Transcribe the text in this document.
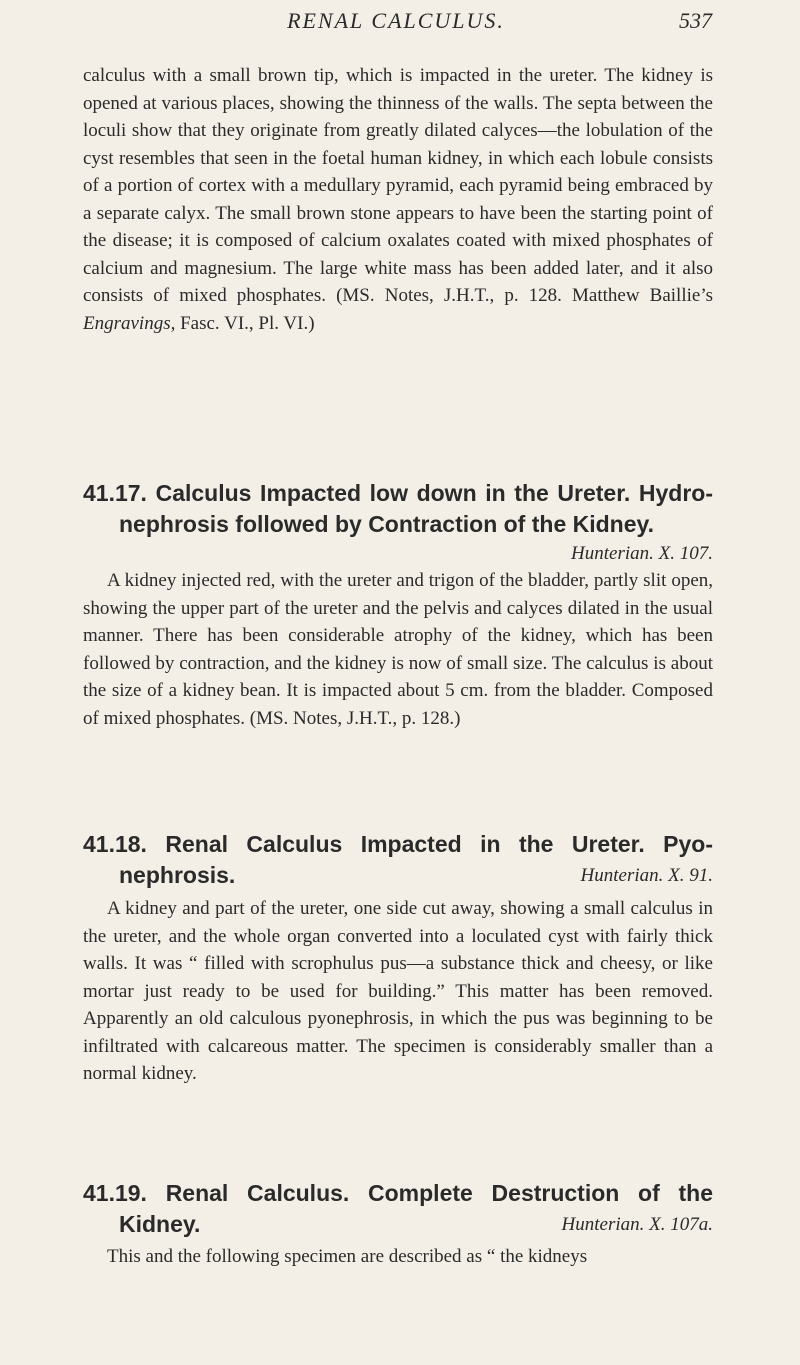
RENAL CALCULUS.	537

calculus with a small brown tip, which is impacted in the ureter. The kidney is opened at various places, showing the thinness of the walls. The septa between the loculi show that they originate from greatly dilated calyces—the lobulation of the cyst resembles that seen in the foetal human kidney, in which each lobule consists of a portion of cortex with a medullary pyramid, each pyramid being embraced by a separate calyx. The small brown stone appears to have been the starting point of the disease; it is composed of calcium oxalates coated with mixed phosphates of calcium and magnesium. The large white mass has been added later, and it also consists of mixed phosphates. (MS. Notes, J.H.T., p. 128. Matthew Baillie’s Engravings, Fasc. VI., Pl. VI.)

41.17. Calculus Impacted low down in the Ureter. Hydro-
nephrosis followed by Contraction of the Kidney.
Hunterian. X. 107.

A kidney injected red, with the ureter and trigon of the bladder, partly slit open, showing the upper part of the ureter and the pelvis and calyces dilated in the usual manner. There has been considerable atrophy of the kidney, which has been followed by contraction, and the kidney is now of small size. The calculus is about the size of a kidney bean. It is impacted about 5 cm. from the bladder. Composed of mixed phosphates. (MS. Notes, J.H.T., p. 128.)

41.18. Renal Calculus Impacted in the Ureter. Pyo-
nephrosis.	Hunterian. X. 91.

A kidney and part of the ureter, one side cut away, showing a small calculus in the ureter, and the whole organ converted into a loculated cyst with fairly thick walls. It was “ filled with scrophulus pus—a substance thick and cheesy, or like mortar just ready to be used for building.” This matter has been removed. Apparently an old calculous pyonephrosis, in which the pus was beginning to be infiltrated with calcareous matter. The specimen is considerably smaller than a normal kidney.

41.19. Renal Calculus. Complete Destruction of the
Kidney.	Hunterian. X. 107a.

This and the following specimen are described as “ the kidneys
